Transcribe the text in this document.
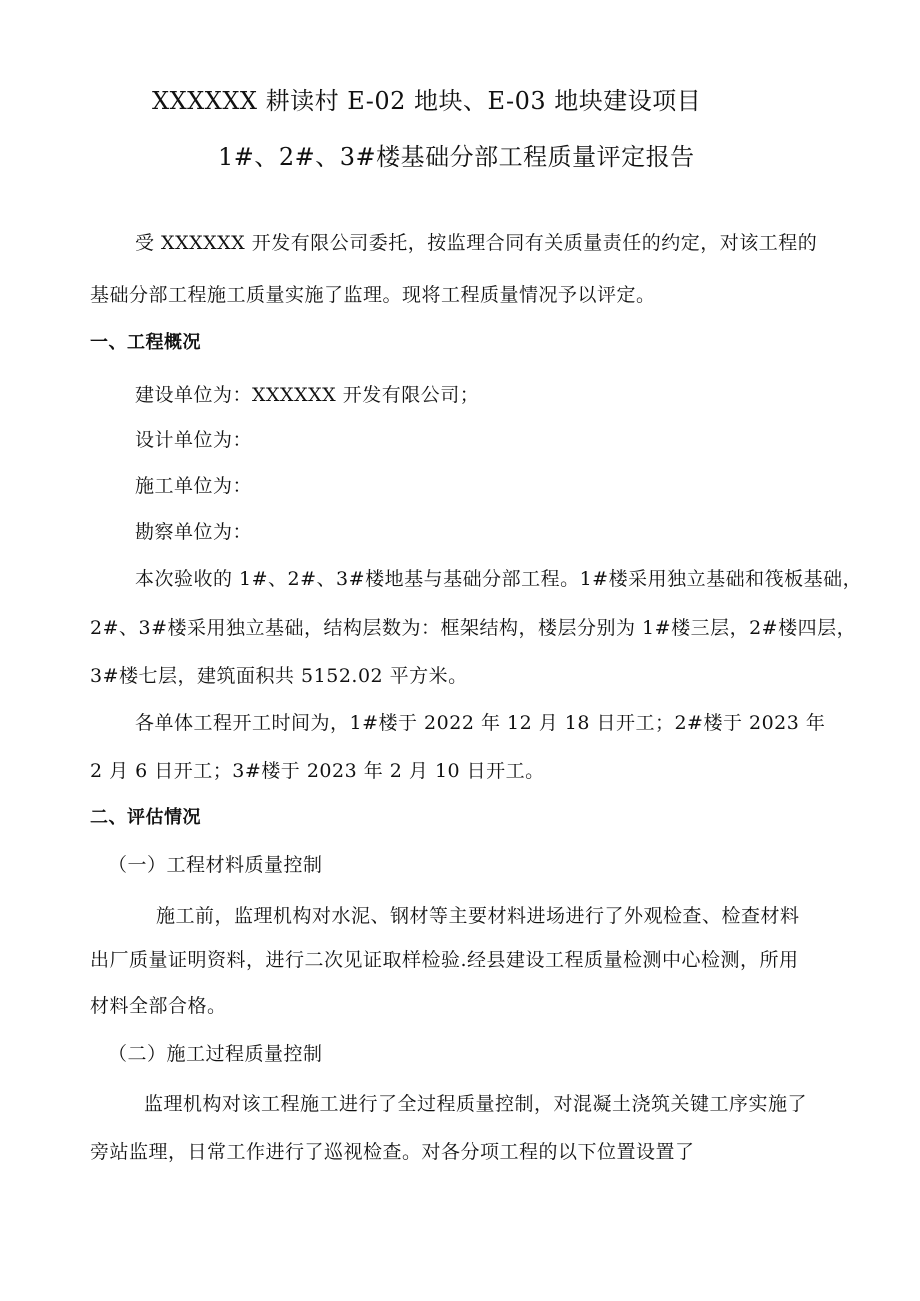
XXXXXX 耕读村 E-02 地块、E-03 地块建设项目
1#、2#、3#楼基础分部工程质量评定报告
受 XXXXXX 开发有限公司委托，按监理合同有关质量责任的约定，对该工程的
基础分部工程施工质量实施了监理。现将工程质量情况予以评定。
一、工程概况
建设单位为：XXXXXX 开发有限公司；
设计单位为：
施工单位为：
勘察单位为：
本次验收的 1#、2#、3#楼地基与基础分部工程。1#楼采用独立基础和筏板基础，
2#、3#楼采用独立基础，结构层数为：框架结构，楼层分别为 1#楼三层，2#楼四层，
3#楼七层，建筑面积共 5152.02 平方米。
各单体工程开工时间为，1#楼于 2022 年 12 月 18 日开工；2#楼于 2023 年
2 月 6 日开工；3#楼于 2023 年 2 月 10 日开工。
二、评估情况
（一）工程材料质量控制
施工前，监理机构对水泥、钢材等主要材料进场进行了外观检查、检查材料
出厂质量证明资料，进行二次见证取样检验.经县建设工程质量检测中心检测，所用
材料全部合格。
（二）施工过程质量控制
监理机构对该工程施工进行了全过程质量控制，对混凝土浇筑关键工序实施了
旁站监理，日常工作进行了巡视检查。对各分项工程的以下位置设置了
